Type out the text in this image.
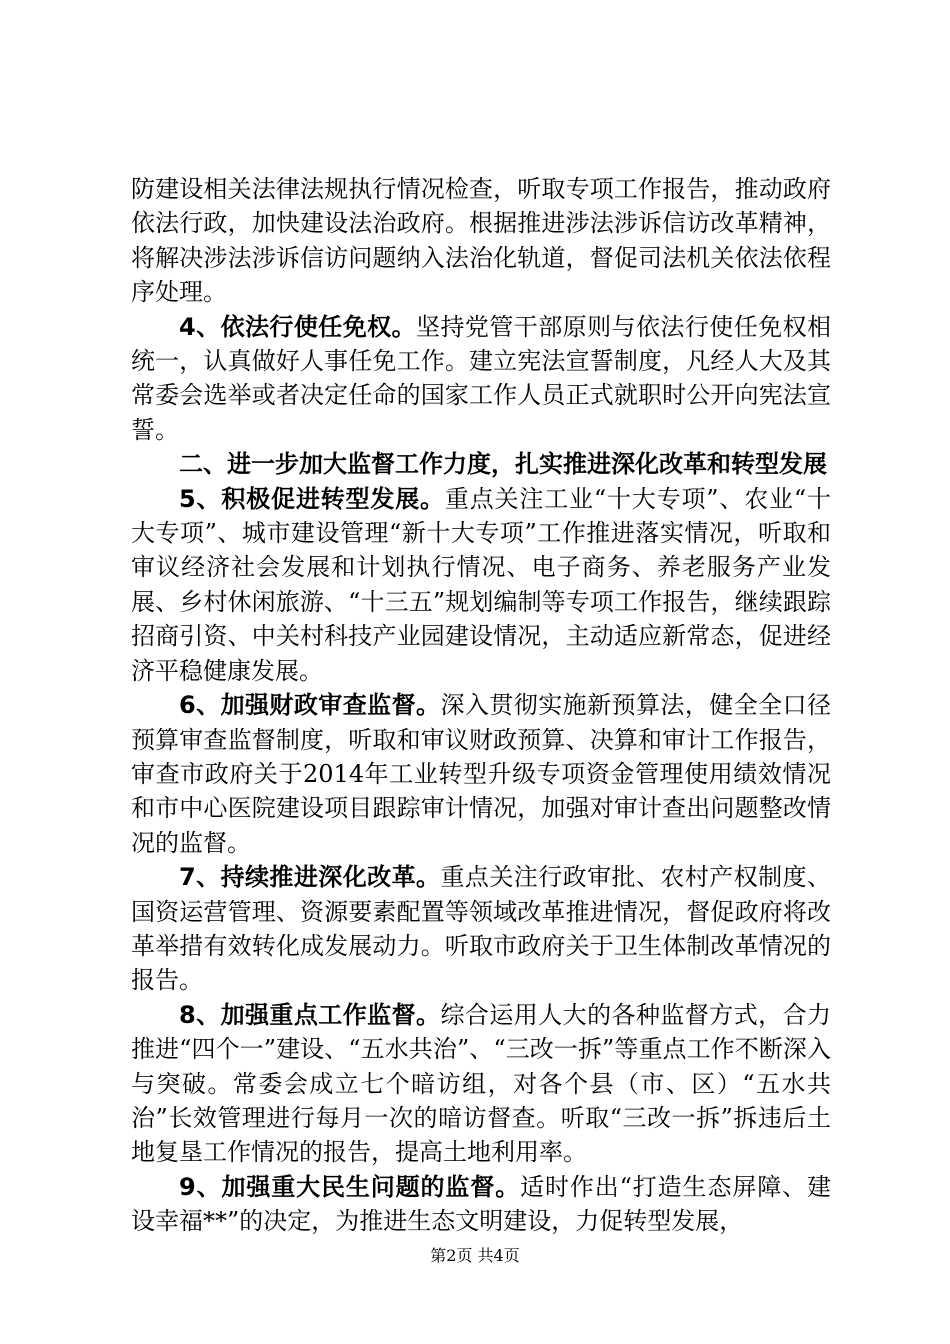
防建设相关法律法规执行情况检查，听取专项工作报告，推动政府依法行政，加快建设法治政府。根据推进涉法涉诉信访改革精神，将解决涉法涉诉信访问题纳入法治化轨道，督促司法机关依法依程序处理。

4、依法行使任免权。坚持党管干部原则与依法行使任免权相统一，认真做好人事任免工作。建立宪法宣誓制度，凡经人大及其常委会选举或者决定任命的国家工作人员正式就职时公开向宪法宣誓。

二、进一步加大监督工作力度，扎实推进深化改革和转型发展

5、积极促进转型发展。重点关注工业“十大专项”、农业“十大专项”、城市建设管理“新十大专项”工作推进落实情况，听取和审议经济社会发展和计划执行情况、电子商务、养老服务产业发展、乡村休闲旅游、“十三五”规划编制等专项工作报告，继续跟踪招商引资、中关村科技产业园建设情况，主动适应新常态，促进经济平稳健康发展。

6、加强财政审查监督。深入贯彻实施新预算法，健全全口径预算审查监督制度，听取和审议财政预算、决算和审计工作报告，审查市政府关于2014年工业转型升级专项资金管理使用绩效情况和市中心医院建设项目跟踪审计情况，加强对审计查出问题整改情况的监督。

7、持续推进深化改革。重点关注行政审批、农村产权制度、国资运营管理、资源要素配置等领域改革推进情况，督促政府将改革举措有效转化成发展动力。听取市政府关于卫生体制改革情况的报告。

8、加强重点工作监督。综合运用人大的各种监督方式，合力推进“四个一”建设、“五水共治”、“三改一拆”等重点工作不断深入与突破。常委会成立七个暗访组，对各个县（市、区）“五水共治”长效管理进行每月一次的暗访督查。听取“三改一拆”拆违后土地复垦工作情况的报告，提高土地利用率。

9、加强重大民生问题的监督。适时作出“打造生态屏障、建设幸福**”的决定，为推进生态文明建设，力促转型发展，

第2页 共4页
